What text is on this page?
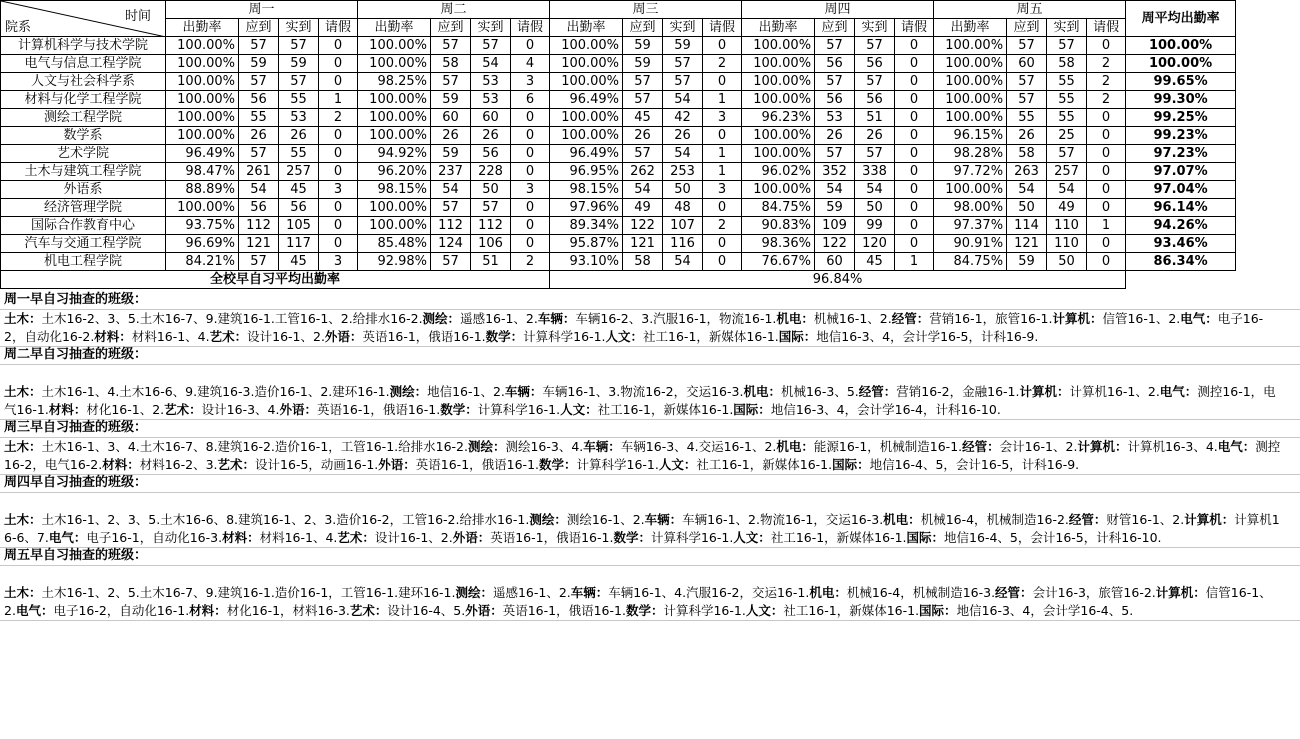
院系
时间	周一				周二				周三				周四				周五				周平均出勤率
	出勤率	应到	实到	请假	出勤率	应到	实到	请假	出勤率	应到	实到	请假	出勤率	应到	实到	请假	出勤率	应到	实到	请假	
计算机科学与技术学院	100.00%	57	57	0	100.00%	57	57	0	100.00%	59	59	0	100.00%	57	57	0	100.00%	57	57	0	100.00%
电气与信息工程学院	100.00%	59	59	0	100.00%	58	54	4	100.00%	59	57	2	100.00%	56	56	0	100.00%	60	58	2	100.00%
人文与社会科学系	100.00%	57	57	0	98.25%	57	53	3	100.00%	57	57	0	100.00%	57	57	0	100.00%	57	55	2	99.65%
材料与化学工程学院	100.00%	56	55	1	100.00%	59	53	6	96.49%	57	54	1	100.00%	56	56	0	100.00%	57	55	2	99.30%
测绘工程学院	100.00%	55	53	2	100.00%	60	60	0	100.00%	45	42	3	96.23%	53	51	0	100.00%	55	55	0	99.25%
数学系	100.00%	26	26	0	100.00%	26	26	0	100.00%	26	26	0	100.00%	26	26	0	96.15%	26	25	0	99.23%
艺术学院	96.49%	57	55	0	94.92%	59	56	0	96.49%	57	54	1	100.00%	57	57	0	98.28%	58	57	0	97.23%
土木与建筑工程学院	98.47%	261	257	0	96.20%	237	228	0	96.95%	262	253	1	96.02%	352	338	0	97.72%	263	257	0	97.07%
外语系	88.89%	54	45	3	98.15%	54	50	3	98.15%	54	50	3	100.00%	54	54	0	100.00%	54	54	0	97.04%
经济管理学院	100.00%	56	56	0	100.00%	57	57	0	97.96%	49	48	0	84.75%	59	50	0	98.00%	50	49	0	96.14%
国际合作教育中心	93.75%	112	105	0	100.00%	112	112	0	89.34%	122	107	2	90.83%	109	99	0	97.37%	114	110	1	94.26%
汽车与交通工程学院	96.69%	121	117	0	85.48%	124	106	0	95.87%	121	116	0	98.36%	122	120	0	90.91%	121	110	0	93.46%
机电工程学院	84.21%	57	45	3	92.98%	57	51	2	93.10%	58	54	0	76.67%	60	45	1	84.75%	59	50	0	86.34%
全校早自习平均出勤率									96.84%												
周一早自习抽查的班级：
土木：土木16-2、3、5.土木16-7、9.建筑16-1.工管16-1、2.给排水16-2.测绘：遥感16-1、2.车辆：车辆16-2、3.汽服16-1，物流16-1.机电：机械16-1、2.经管：营销16-1，旅管16-1.计算机：信管16-1、2.电气：电子16-2，自动化16-2.材料：材料16-1、4.艺术：设计16-1、2.外语：英语16-1，俄语16-1.数学：计算科学16-1.人文：社工16-1，新媒体16-1.国际：地信16-3、4，会计学16-5，计科16-9.
周二早自习抽查的班级：
土木：土木16-1、4.土木16-6、9.建筑16-3.造价16-1、2.建环16-1.测绘：地信16-1、2.车辆：车辆16-1、3.物流16-2，交运16-3.机电：机械16-3、5.经管：营销16-2，金融16-1.计算机：计算机16-1、2.电气：测控16-1，电气16-1.材料：材化16-1、2.艺术：设计16-3、4.外语：英语16-1，俄语16-1.数学：计算科学16-1.人文：社工16-1，新媒体16-1.国际：地信16-3、4，会计学16-4，计科16-10.
周三早自习抽查的班级：
土木：土木16-1、3、4.土木16-7、8.建筑16-2.造价16-1，工管16-1.给排水16-2.测绘：测绘16-3、4.车辆：车辆16-3、4.交运16-1、2.机电：能源16-1，机械制造16-1.经管：会计16-1、2.计算机：计算机16-3、4.电气：测控16-2，电气16-2.材料：材料16-2、3.艺术：设计16-5，动画16-1.外语：英语16-1，俄语16-1.数学：计算科学16-1.人文：社工16-1，新媒体16-1.国际：地信16-4、5，会计16-5，计科16-9.
周四早自习抽查的班级：
土木：土木16-1、2、3、5.土木16-6、8.建筑16-1、2、3.造价16-2，工管16-2.给排水16-1.测绘：测绘16-1、2.车辆：车辆16-1、2.物流16-1，交运16-3.机电：机械16-4，机械制造16-2.经管：财管16-1、2.计算机：计算机16-6、7.电气：电子16-1，自动化16-3.材料：材料16-1、4.艺术：设计16-1、2.外语：英语16-1，俄语16-1.数学：计算科学16-1.人文：社工16-1，新媒体16-1.国际：地信16-4、5，会计16-5，计科16-10.
周五早自习抽查的班级：
土木：土木16-1、2、5.土木16-7、9.建筑16-1.造价16-1，工管16-1.建环16-1.测绘：遥感16-1、2.车辆：车辆16-1、4.汽服16-2，交运16-1.机电：机械16-4，机械制造16-3.经管：会计16-3，旅管16-2.计算机：信管16-1、2.电气：电子16-2，自动化16-1.材料：材化16-1，材料16-3.艺术：设计16-4、5.外语：英语16-1，俄语16-1.数学：计算科学16-1.人文：社工16-1，新媒体16-1.国际：地信16-3、4，会计学16-4、5.
